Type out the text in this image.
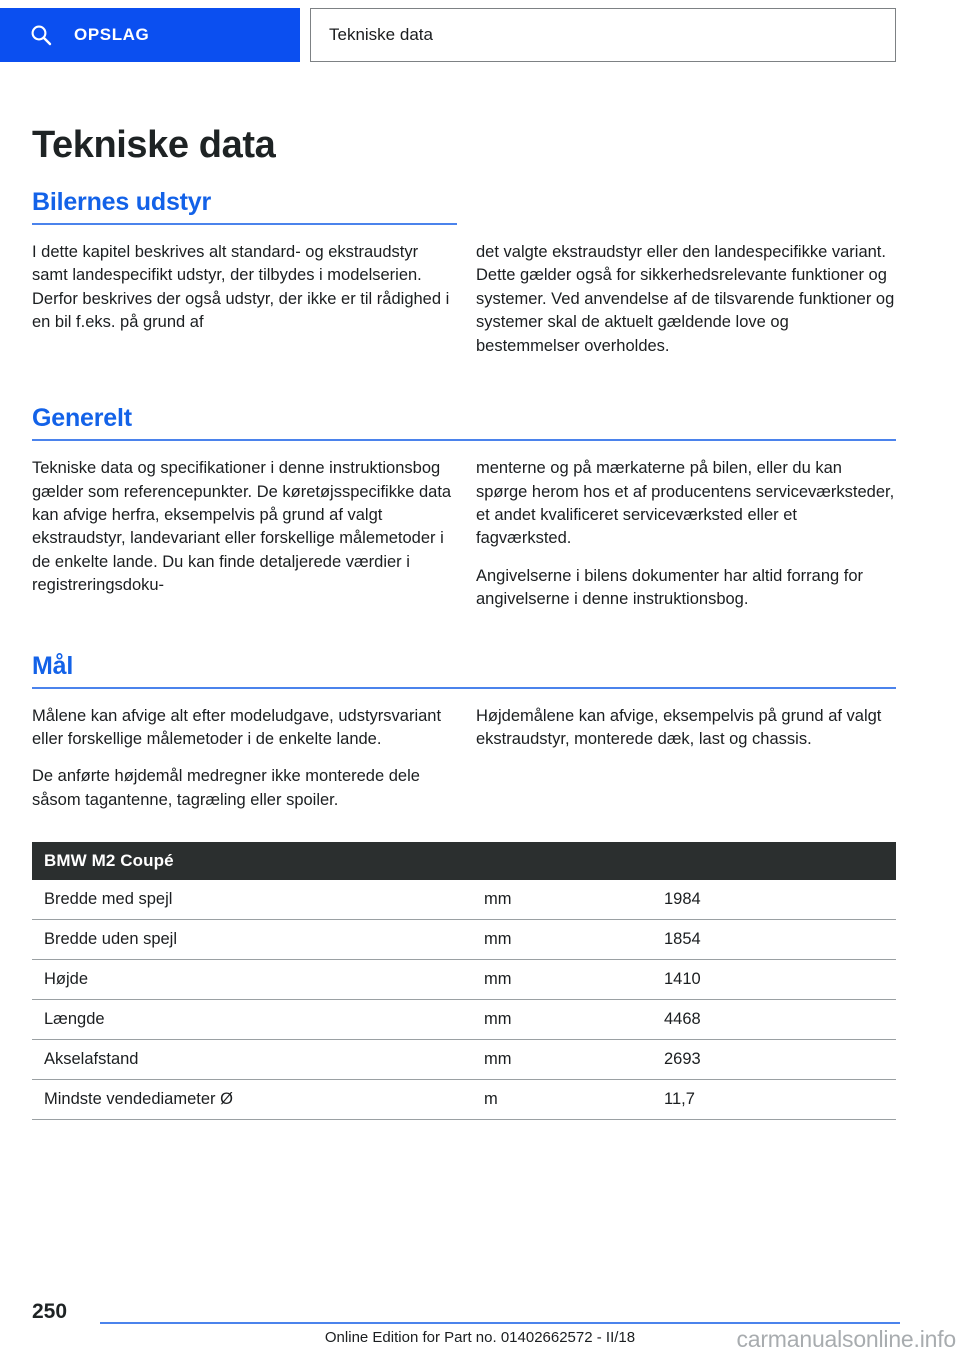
OPSLAG	Tekniske data
Tekniske data
Bilernes udstyr

I dette kapitel beskrives alt standard- og ekstraudstyr samt landespecifikt udstyr, der tilbydes i modelserien. Derfor beskrives der også udstyr, der ikke er til rådighed i en bil f.eks. på grund af

det valgte ekstraudstyr eller den landespecifikke variant. Dette gælder også for sikkerhedsrelevante funktioner og systemer. Ved anvendelse af de tilsvarende funktioner og systemer skal de aktuelt gældende love og bestemmelser overholdes.

Generelt

Tekniske data og specifikationer i denne instruktionsbog gælder som referencepunkter. De køretøjsspecifikke data kan afvige herfra, eksempelvis på grund af valgt ekstraudstyr, landevariant eller forskellige målemetoder i de enkelte lande. Du kan finde detaljerede værdier i registreringsdoku-

menterne og på mærkaterne på bilen, eller du kan spørge herom hos et af producentens serviceværksteder, et andet kvalificeret serviceværksted eller et fagværksted.

Angivelserne i bilens dokumenter har altid forrang for angivelserne i denne instruktionsbog.

Mål

Målene kan afvige alt efter modeludgave, udstyrsvariant eller forskellige målemetoder i de enkelte lande.

De anførte højdemål medregner ikke monterede dele såsom tagantenne, tagræling eller spoiler.

Højdemålene kan afvige, eksempelvis på grund af valgt ekstraudstyr, monterede dæk, last og chassis.

BMW M2 Coupé		
Bredde med spejl	mm	1984
Bredde uden spejl	mm	1854
Højde	mm	1410
Længde	mm	4468
Akselafstand	mm	2693
Mindste vendediameter Ø	m	11,7
250
Online Edition for Part no. 01402662572 - II/18	carmanualsonline.info
